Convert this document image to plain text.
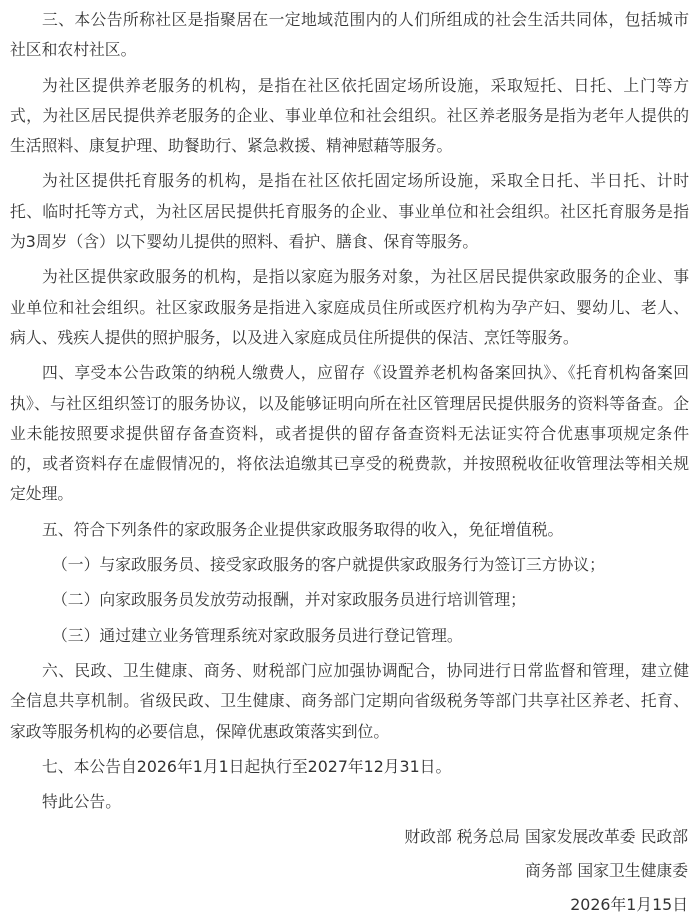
三、本公告所称社区是指聚居在一定地域范围内的人们所组成的社会生活共同体，包括城市社区和农村社区。

为社区提供养老服务的机构，是指在社区依托固定场所设施，采取短托、日托、上门等方式，为社区居民提供养老服务的企业、事业单位和社会组织。社区养老服务是指为老年人提供的生活照料、康复护理、助餐助行、紧急救援、精神慰藉等服务。

为社区提供托育服务的机构，是指在社区依托固定场所设施，采取全日托、半日托、计时托、临时托等方式，为社区居民提供托育服务的企业、事业单位和社会组织。社区托育服务是指为3周岁（含）以下婴幼儿提供的照料、看护、膳食、保育等服务。

为社区提供家政服务的机构，是指以家庭为服务对象，为社区居民提供家政服务的企业、事业单位和社会组织。社区家政服务是指进入家庭成员住所或医疗机构为孕产妇、婴幼儿、老人、病人、残疾人提供的照护服务，以及进入家庭成员住所提供的保洁、烹饪等服务。

四、享受本公告政策的纳税人缴费人，应留存《设置养老机构备案回执》、《托育机构备案回执》、与社区组织签订的服务协议，以及能够证明向所在社区管理居民提供服务的资料等备查。企业未能按照要求提供留存备查资料，或者提供的留存备查资料无法证实符合优惠事项规定条件的，或者资料存在虚假情况的，将依法追缴其已享受的税费款，并按照税收征收管理法等相关规定处理。

五、符合下列条件的家政服务企业提供家政服务取得的收入，免征增值税。

（一）与家政服务员、接受家政服务的客户就提供家政服务行为签订三方协议；

（二）向家政服务员发放劳动报酬，并对家政服务员进行培训管理；

（三）通过建立业务管理系统对家政服务员进行登记管理。

六、民政、卫生健康、商务、财税部门应加强协调配合，协同进行日常监督和管理，建立健全信息共享机制。省级民政、卫生健康、商务部门定期向省级税务等部门共享社区养老、托育、家政等服务机构的必要信息，保障优惠政策落实到位。

七、本公告自2026年1月1日起执行至2027年12月31日。

特此公告。

财政部 税务总局 国家发展改革委 民政部

商务部 国家卫生健康委

2026年1月15日
